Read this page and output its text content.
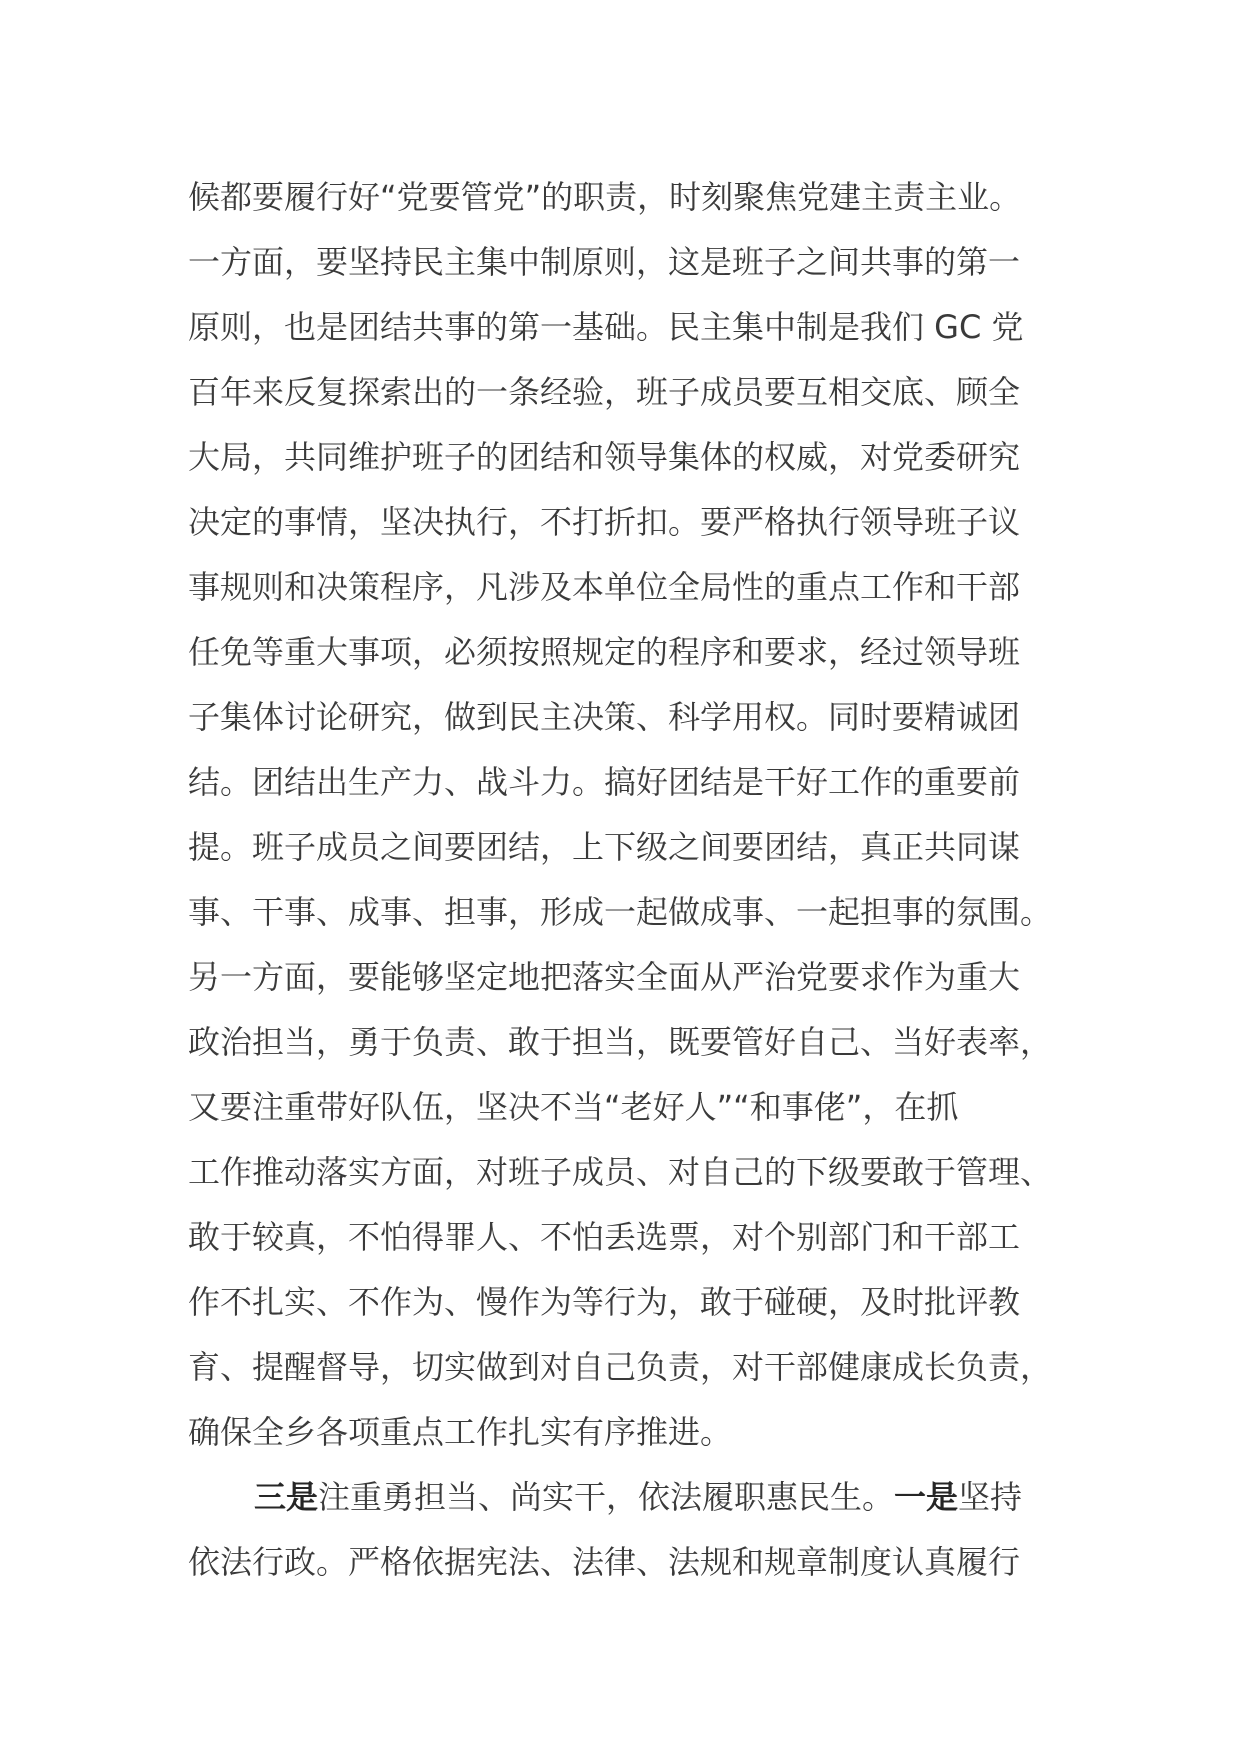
候都要履行好“党要管党”的职责，时刻聚焦党建主责主业。
一方面，要坚持民主集中制原则，这是班子之间共事的第一
原则，也是团结共事的第一基础。民主集中制是我们 GC 党
百年来反复探索出的一条经验，班子成员要互相交底、顾全
大局，共同维护班子的团结和领导集体的权威，对党委研究
决定的事情，坚决执行，不打折扣。要严格执行领导班子议
事规则和决策程序，凡涉及本单位全局性的重点工作和干部
任免等重大事项，必须按照规定的程序和要求，经过领导班
子集体讨论研究，做到民主决策、科学用权。同时要精诚团
结。团结出生产力、战斗力。搞好团结是干好工作的重要前
提。班子成员之间要团结，上下级之间要团结，真正共同谋
事、干事、成事、担事，形成一起做成事、一起担事的氛围。
另一方面，要能够坚定地把落实全面从严治党要求作为重大
政治担当，勇于负责、敢于担当，既要管好自己、当好表率，
又要注重带好队伍，坚决不当“老好人”“和事佬”，在抓
工作推动落实方面，对班子成员、对自己的下级要敢于管理、
敢于较真，不怕得罪人、不怕丢选票，对个别部门和干部工
作不扎实、不作为、慢作为等行为，敢于碰硬，及时批评教
育、提醒督导，切实做到对自己负责，对干部健康成长负责，
确保全乡各项重点工作扎实有序推进。
三是注重勇担当、尚实干，依法履职惠民生。一是坚持
依法行政。严格依据宪法、法律、法规和规章制度认真履行
